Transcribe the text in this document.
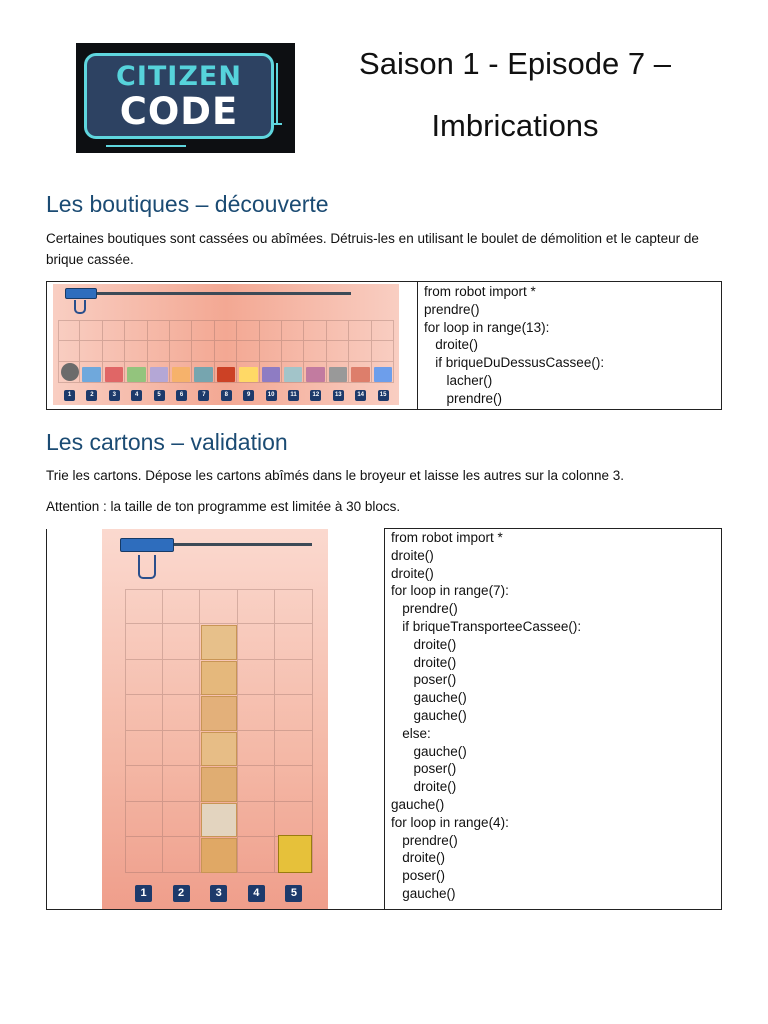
CITIZEN
CODE
Saison 1 - Episode 7 –
Imbrications
Les boutiques – découverte

Certaines boutiques sont cassées ou abîmées. Détruis-les en utilisant le boulet de démolition et le capteur de brique cassée.

1	2	3	4	5	6	7	8	9	10	11	12	13	14	15

from robot import *
prendre()
for loop in range(13):
droite()
if briqueDuDessusCassee():
lacher()
prendre()
Les cartons – validation

Trie les cartons. Dépose les cartons abîmés dans le broyeur et laisse les autres sur la colonne 3.

Attention : la taille de ton programme est limitée à 30 blocs.

1	2	3	4	5

from robot import *
droite()
droite()
for loop in range(7):
prendre()
if briqueTransporteeCassee():
droite()
droite()
poser()
gauche()
gauche()
else:
gauche()
poser()
droite()
gauche()
for loop in range(4):
prendre()
droite()
poser()
gauche()
